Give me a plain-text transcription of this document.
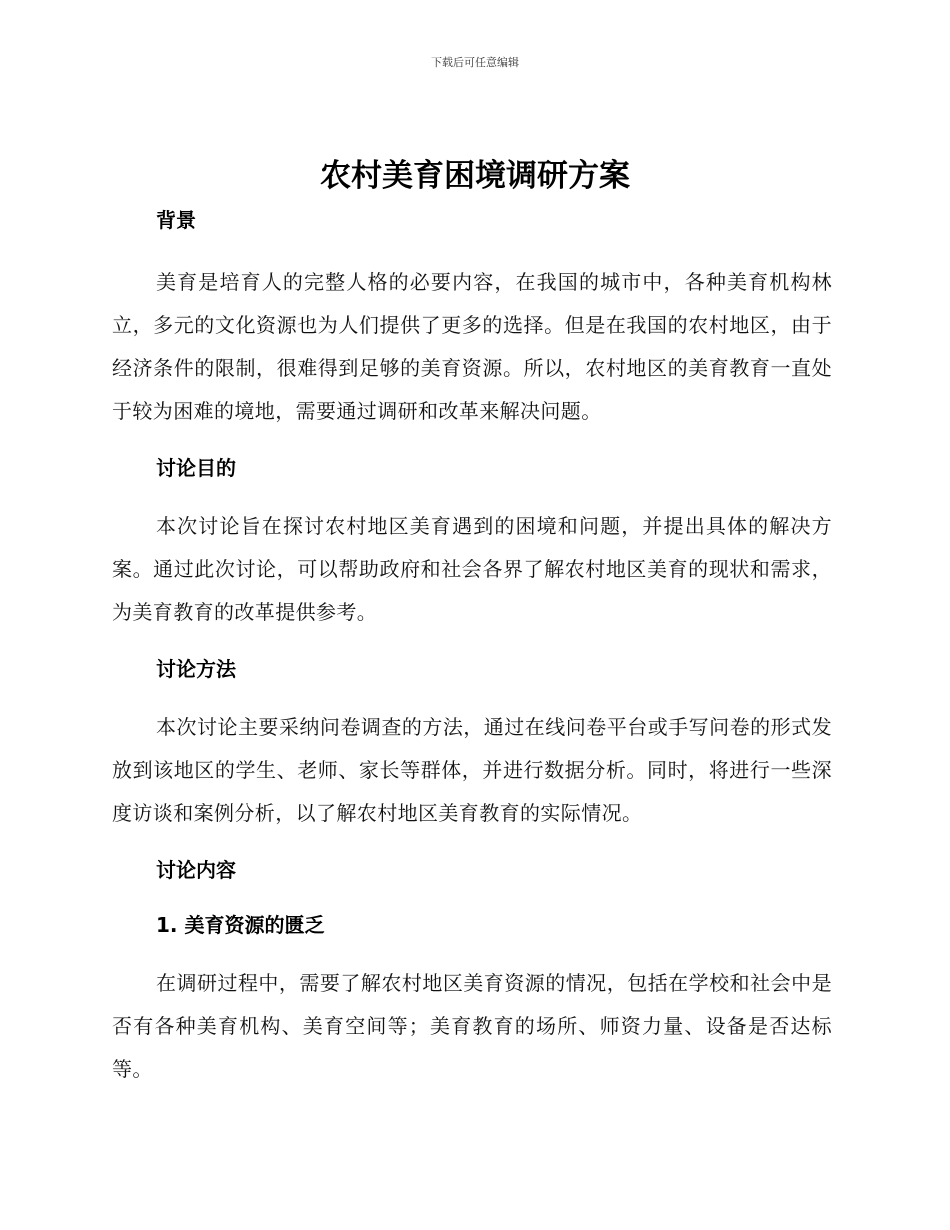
下载后可任意编辑
农村美育困境调研方案

背景

美育是培育人的完整人格的必要内容，在我国的城市中，各种美育机构林立，多元的文化资源也为人们提供了更多的选择。但是在我国的农村地区，由于经济条件的限制，很难得到足够的美育资源。所以，农村地区的美育教育一直处于较为困难的境地，需要通过调研和改革来解决问题。

讨论目的

本次讨论旨在探讨农村地区美育遇到的困境和问题，并提出具体的解决方案。通过此次讨论，可以帮助政府和社会各界了解农村地区美育的现状和需求，为美育教育的改革提供参考。

讨论方法

本次讨论主要采纳问卷调查的方法，通过在线问卷平台或手写问卷的形式发放到该地区的学生、老师、家长等群体，并进行数据分析。同时，将进行一些深度访谈和案例分析，以了解农村地区美育教育的实际情况。

讨论内容

1. 美育资源的匮乏

在调研过程中，需要了解农村地区美育资源的情况，包括在学校和社会中是否有各种美育机构、美育空间等；美育教育的场所、师资力量、设备是否达标等。
